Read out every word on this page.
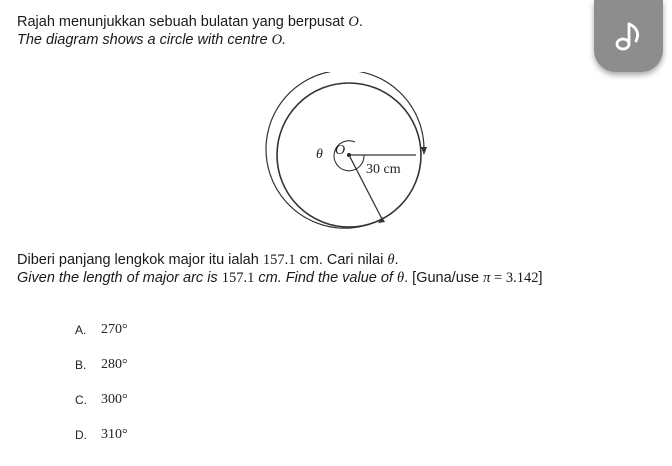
Rajah menunjukkan sebuah bulatan yang berpusat O.
The diagram shows a circle with centre O.
θ O
30 cm
Diberi panjang lengkok major itu ialah 157.1 cm. Cari nilai θ.
Given the length of major arc is 157.1 cm. Find the value of θ. [Guna/use π = 3.142]
A.	270°
B.	280°
C.	300°
D.	310°
